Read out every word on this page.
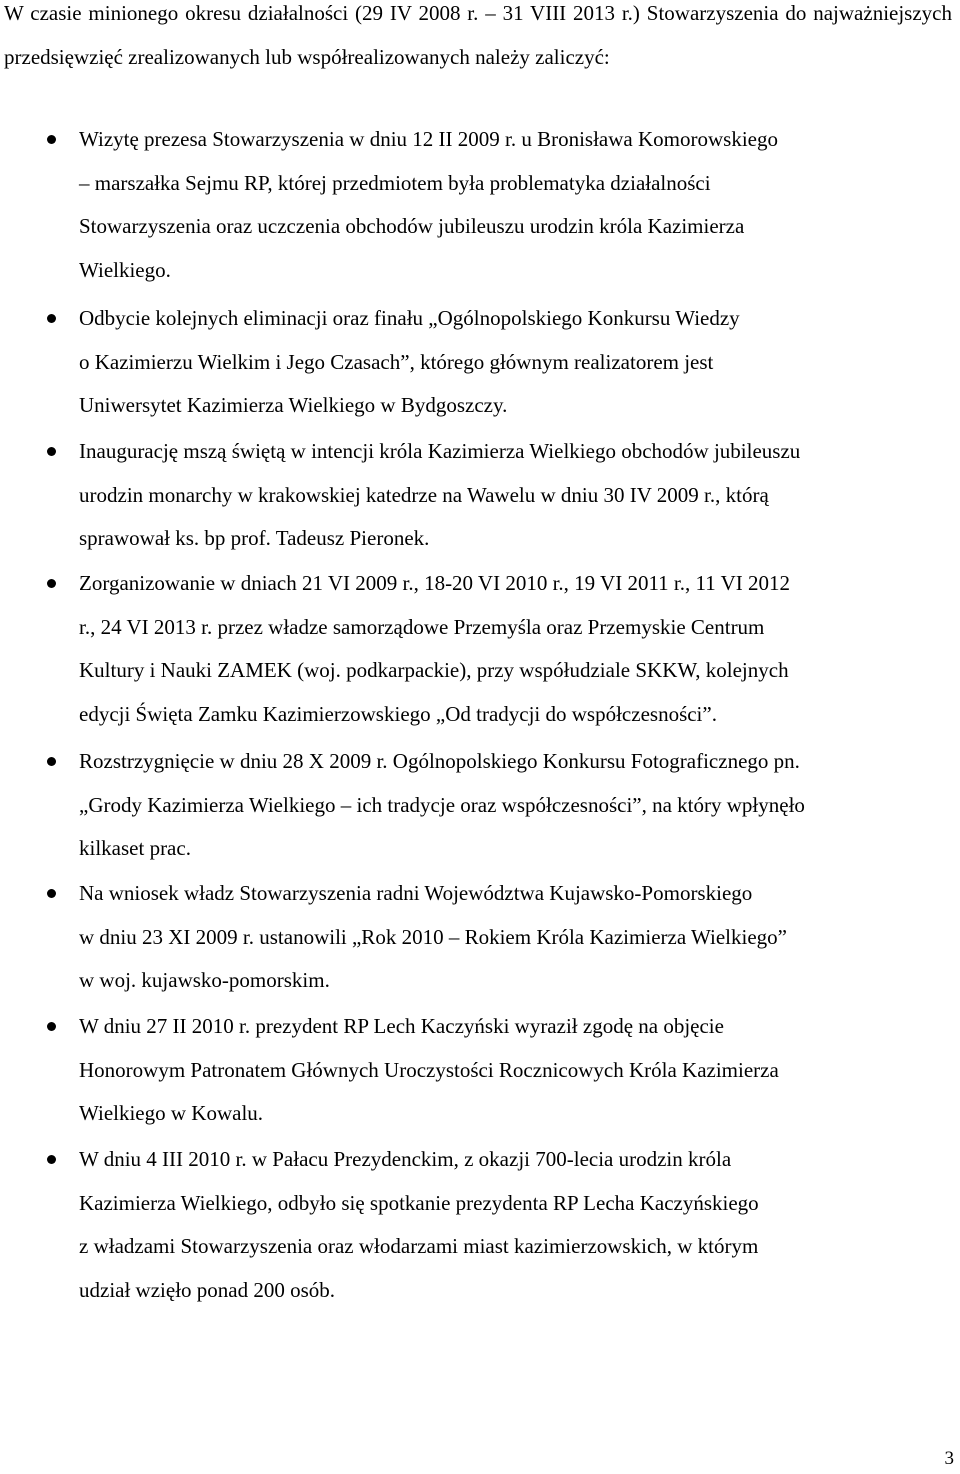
W czasie minionego okresu działalności (29 IV 2008 r. – 31 VIII 2013 r.) Stowarzyszenia do najważniejszych przedsięwzięć zrealizowanych lub współrealizowanych należy zaliczyć:

Wizytę prezesa Stowarzyszenia w dniu 12 II 2009 r. u Bronisława Komorowskiego
– marszałka Sejmu RP, której przedmiotem była problematyka działalności
Stowarzyszenia oraz uczczenia obchodów jubileuszu urodzin króla Kazimierza
Wielkiego.
Odbycie kolejnych eliminacji oraz finału „Ogólnopolskiego Konkursu Wiedzy
o Kazimierzu Wielkim i Jego Czasach”, którego głównym realizatorem jest
Uniwersytet Kazimierza Wielkiego w Bydgoszczy.
Inaugurację mszą świętą w intencji króla Kazimierza Wielkiego obchodów jubileuszu
urodzin monarchy w krakowskiej katedrze na Wawelu w dniu 30 IV 2009 r., którą
sprawował ks. bp prof. Tadeusz Pieronek.
Zorganizowanie w dniach 21 VI 2009 r., 18-20 VI 2010 r., 19 VI 2011 r., 11 VI 2012
r., 24 VI 2013 r. przez władze samorządowe Przemyśla oraz Przemyskie Centrum
Kultury i Nauki ZAMEK (woj. podkarpackie), przy współudziale SKKW, kolejnych
edycji Święta Zamku Kazimierzowskiego „Od tradycji do współczesności”.
Rozstrzygnięcie w dniu 28 X 2009 r. Ogólnopolskiego Konkursu Fotograficznego pn.
„Grody Kazimierza Wielkiego – ich tradycje oraz współczesności”, na który wpłynęło
kilkaset prac.
Na wniosek władz Stowarzyszenia radni Województwa Kujawsko-Pomorskiego
w dniu 23 XI 2009 r. ustanowili „Rok 2010 – Rokiem Króla Kazimierza Wielkiego”
w woj. kujawsko-pomorskim.
W dniu 27 II 2010 r. prezydent RP Lech Kaczyński wyraził zgodę na objęcie
Honorowym Patronatem Głównych Uroczystości Rocznicowych Króla Kazimierza
Wielkiego w Kowalu.
W dniu 4 III 2010 r. w Pałacu Prezydenckim, z okazji 700-lecia urodzin króla
Kazimierza Wielkiego, odbyło się spotkanie prezydenta RP Lecha Kaczyńskiego
z władzami Stowarzyszenia oraz włodarzami miast kazimierzowskich, w którym
udział wzięło ponad 200 osób.
3
